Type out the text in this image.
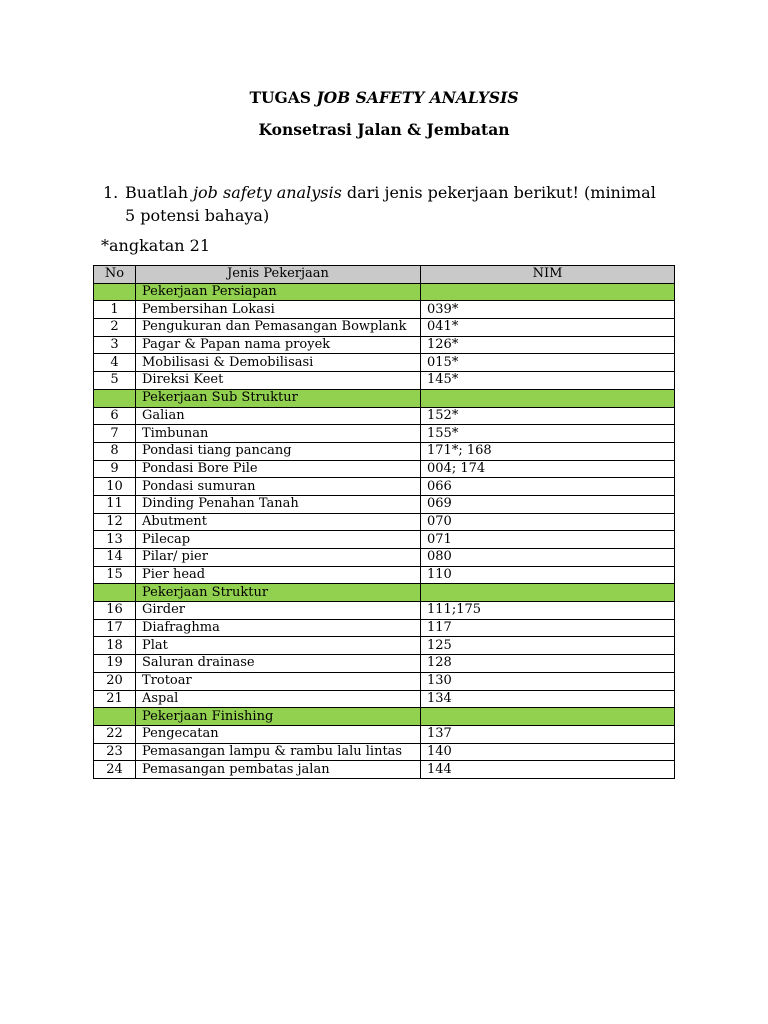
TUGAS JOB SAFETY ANALYSIS
Konsetrasi Jalan & Jembatan
1. Buatlah job safety analysis dari jenis pekerjaan berikut! (minimal 5 potensi bahaya)
*angkatan 21
No	Jenis Pekerjaan	NIM
	Pekerjaan Persiapan	
1	Pembersihan Lokasi	039*
2	Pengukuran dan Pemasangan Bowplank	041*
3	Pagar & Papan nama proyek	126*
4	Mobilisasi & Demobilisasi	015*
5	Direksi Keet	145*
	Pekerjaan Sub Struktur	
6	Galian	152*
7	Timbunan	155*
8	Pondasi tiang pancang	171*; 168
9	Pondasi Bore Pile	004; 174
10	Pondasi sumuran	066
11	Dinding Penahan Tanah	069
12	Abutment	070
13	Pilecap	071
14	Pilar/ pier	080
15	Pier head	110
	Pekerjaan Struktur	
16	Girder	111;175
17	Diafraghma	117
18	Plat	125
19	Saluran drainase	128
20	Trotoar	130
21	Aspal	134
	Pekerjaan Finishing	
22	Pengecatan	137
23	Pemasangan lampu & rambu lalu lintas	140
24	Pemasangan pembatas jalan	144
